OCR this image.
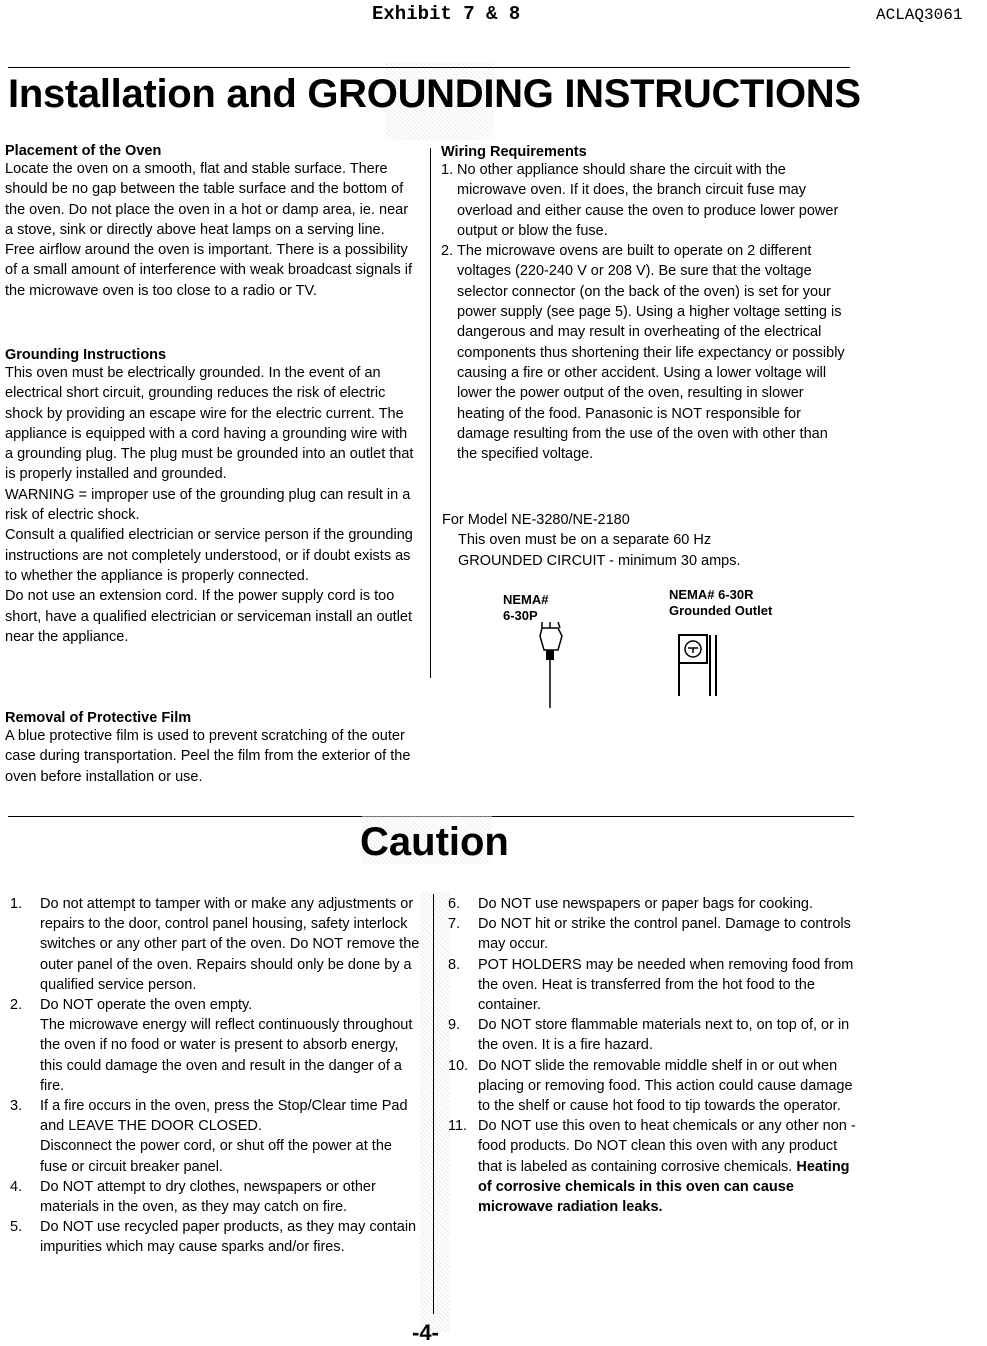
Exhibit 7 & 8	ACLAQ3061
Installation and GROUNDING INSTRUCTIONS

Placement of the Oven

Locate the oven on a smooth, flat and stable surface. There should be no gap between the table surface and the bottom of the oven. Do not place the oven in a hot or damp area, ie. near a stove, sink or directly above heat lamps on a serving line. Free airflow around the oven is important. There is a possibility of a small amount of interference with weak broadcast signals if the microwave oven is too close to a radio or TV.

Grounding Instructions

This oven must be electrically grounded. In the event of an electrical short circuit, grounding reduces the risk of electric shock by providing an escape wire for the electric current. The appliance is equipped with a cord having a grounding wire with a grounding plug. The plug must be grounded into an outlet that is properly installed and grounded.

WARNING = improper use of the grounding plug can result in a risk of electric shock.

Consult a qualified electrician or service person if the grounding instructions are not completely understood, or if doubt exists as to whether the appliance is properly connected.

Do not use an extension cord. If the power supply cord is too short, have a qualified electrician or serviceman install an outlet near the appliance.

Removal of Protective Film

A blue protective film is used to prevent scratching of the outer case during transportation. Peel the film from the exterior of the oven before installation or use.

Wiring Requirements

1. No other appliance should share the circuit with the microwave oven. If it does, the branch circuit fuse may overload and either cause the oven to produce lower power output or blow the fuse.
2. The microwave ovens are built to operate on 2 different voltages (220-240 V or 208 V). Be sure that the voltage selector connector (on the back of the oven) is set for your power supply (see page 5). Using a higher voltage setting is dangerous and may result in overheating of the electrical components thus shortening their life expectancy or possibly causing a fire or other accident. Using a lower voltage will lower the power output of the oven, resulting in slower heating of the food. Panasonic is NOT responsible for damage resulting from the use of the oven with other than the specified voltage.

For Model NE-3280/NE-2180

This oven must be on a separate 60 Hz

GROUNDED CIRCUIT - minimum 30 amps.

NEMA#
6-30P
NEMA# 6-30R
Grounded Outlet
Caution
1. Do not attempt to tamper with or make any adjustments or repairs to the door, control panel housing, safety interlock switches or any other part of the oven. Do NOT remove the outer panel of the oven. Repairs should only be done by a qualified service person.
2. Do NOT operate the oven empty.
The microwave energy will reflect continuously throughout the oven if no food or water is present to absorb energy, this could damage the oven and result in the danger of a fire.
3. If a fire occurs in the oven, press the Stop/Clear time Pad and LEAVE THE DOOR CLOSED.
Disconnect the power cord, or shut off the power at the fuse or circuit breaker panel.
4. Do NOT attempt to dry clothes, newspapers or other materials in the oven, as they may catch on fire.
5. Do NOT use recycled paper products, as they may contain impurities which may cause sparks and/or fires.
6. Do NOT use newspapers or paper bags for cooking.
7. Do NOT hit or strike the control panel. Damage to controls may occur.
8. POT HOLDERS may be needed when removing food from the oven. Heat is transferred from the hot food to the container.
9. Do NOT store flammable materials next to, on top of, or in the oven. It is a fire hazard.
10. Do NOT slide the removable middle shelf in or out when placing or removing food. This action could cause damage to the shelf or cause hot food to tip towards the operator.
11. Do NOT use this oven to heat chemicals or any other non - food products. Do NOT clean this oven with any product that is labeled as containing corrosive chemicals. Heating of corrosive chemicals in this oven can cause microwave radiation leaks.
-4-
